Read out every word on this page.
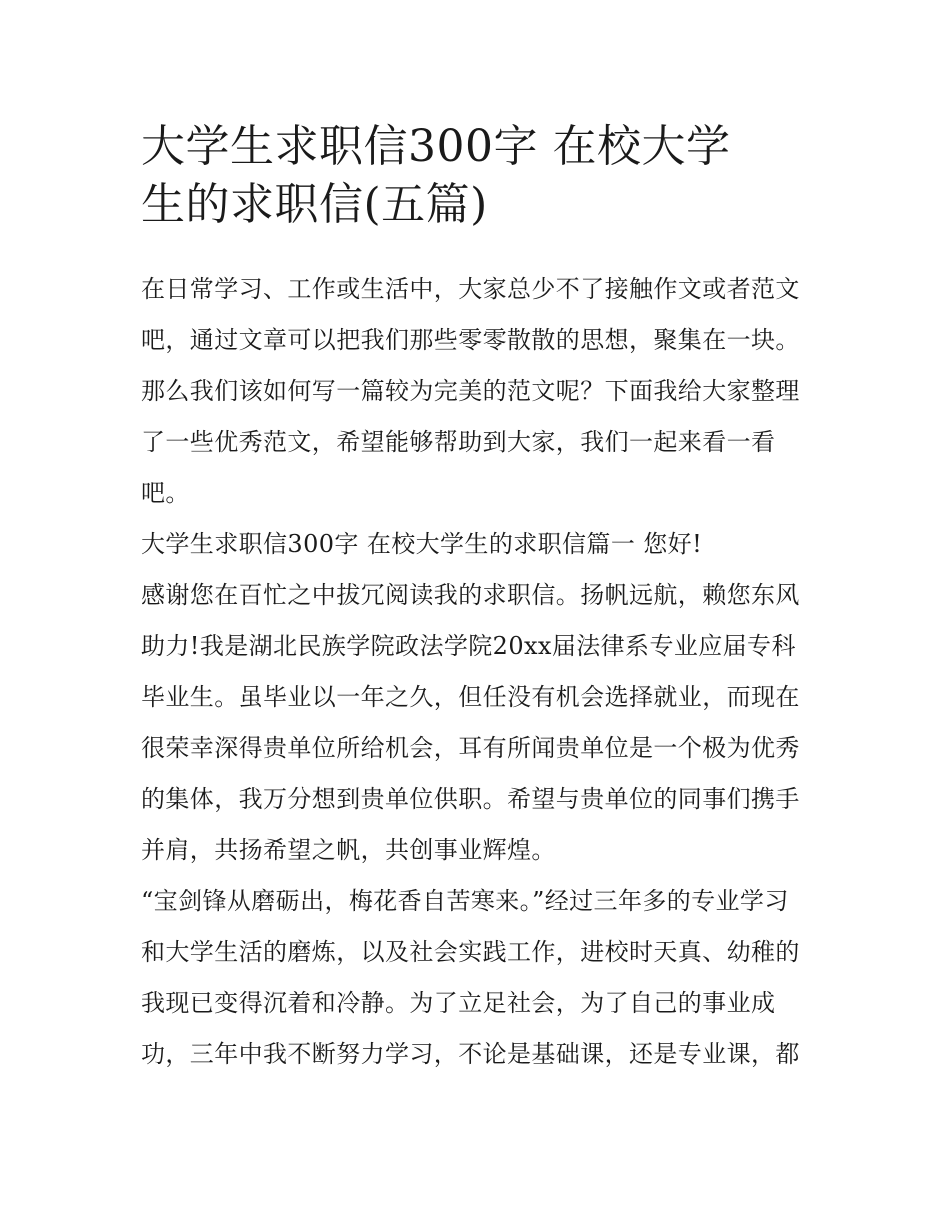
大学生求职信300字 在校大学
生的求职信(五篇)
在日常学习、工作或生活中，大家总少不了接触作文或者范文
吧，通过文章可以把我们那些零零散散的思想，聚集在一块。
那么我们该如何写一篇较为完美的范文呢？下面我给大家整理
了一些优秀范文，希望能够帮助到大家，我们一起来看一看
吧。
大学生求职信300字 在校大学生的求职信篇一 您好!
感谢您在百忙之中拔冗阅读我的求职信。扬帆远航，赖您东风
助力!我是湖北民族学院政法学院20xx届法律系专业应届专科
毕业生。虽毕业以一年之久，但任没有机会选择就业，而现在
很荣幸深得贵单位所给机会，耳有所闻贵单位是一个极为优秀
的集体，我万分想到贵单位供职。希望与贵单位的同事们携手
并肩，共扬希望之帆，共创事业辉煌。
“宝剑锋从磨砺出，梅花香自苦寒来。”经过三年多的专业学习
和大学生活的磨炼，以及社会实践工作，进校时天真、幼稚的
我现已变得沉着和冷静。为了立足社会，为了自己的事业成
功，三年中我不断努力学习，不论是基础课，还是专业课，都
